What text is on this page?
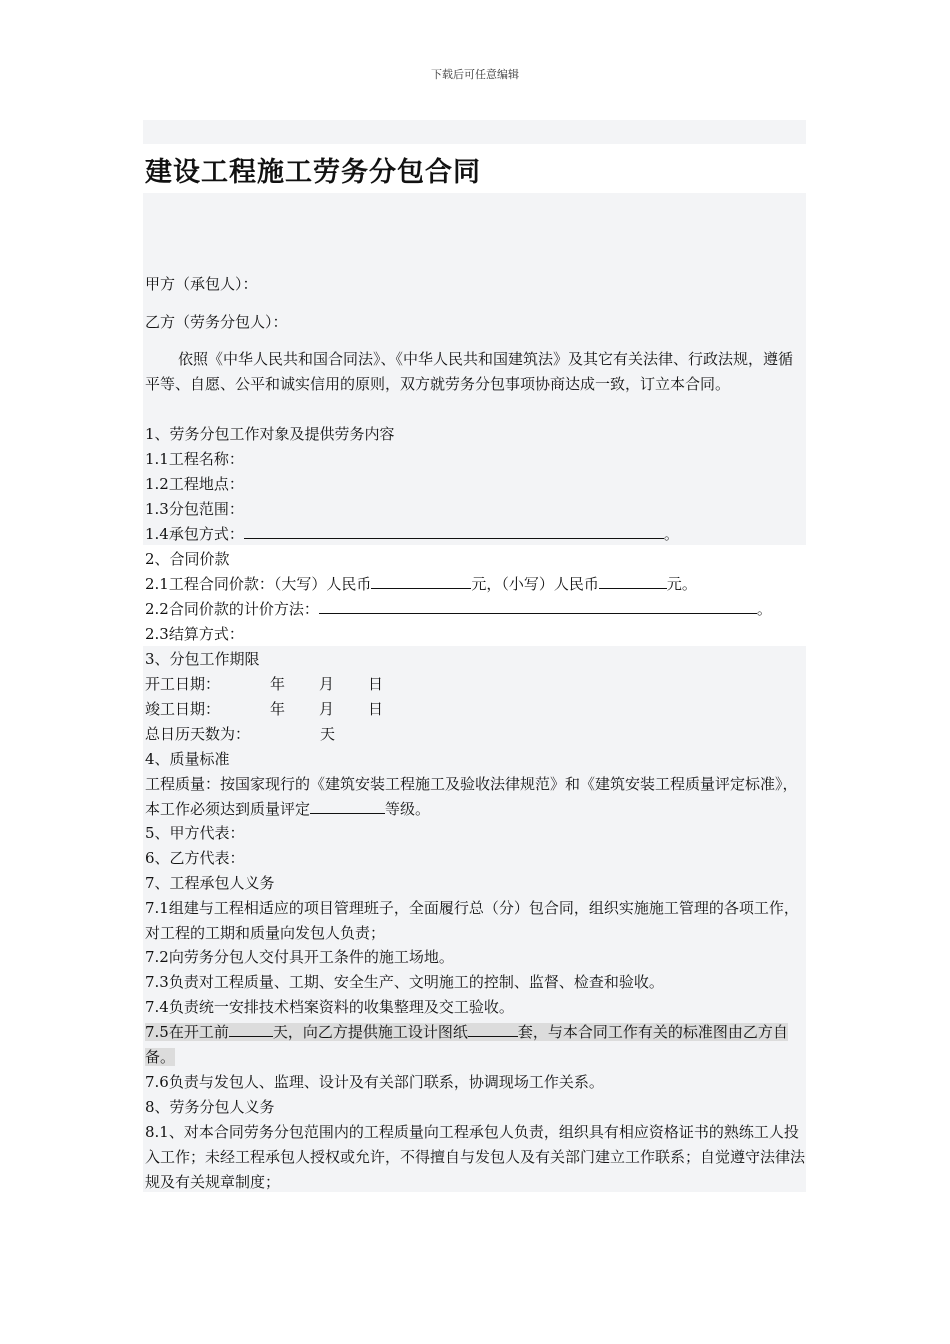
下载后可任意编辑
建设工程施工劳务分包合同
甲方（承包人）：
乙方（劳务分包人）：
依照《中华人民共和国合同法》、《中华人民共和国建筑法》及其它有关法律、行政法规，遵循平等、自愿、公平和诚实信用的原则，双方就劳务分包事项协商达成一致，订立本合同。
1、劳务分包工作对象及提供劳务内容
1.1工程名称：
1.2工程地点：
1.3分包范围：
1.4承包方式：	。
2、合同价款
2.1工程合同价款：（大写）人民币	元，（小写）人民币	元。
2.2合同价款的计价方法：	。
2.3结算方式：
3、分包工作期限
开工日期：	年 月 日
竣工日期：	年 月 日
总日历天数为：	天
4、质量标准
工程质量：按国家现行的《建筑安装工程施工及验收法律规范》和《建筑安装工程质量评定标准》，本工作必须达到质量评定	等级。
5、甲方代表：
6、乙方代表：
7、工程承包人义务
7.1组建与工程相适应的项目管理班子，全面履行总（分）包合同，组织实施施工管理的各项工作，对工程的工期和质量向发包人负责；
7.2向劳务分包人交付具开工条件的施工场地。
7.3负责对工程质量、工期、安全生产、文明施工的控制、监督、检查和验收。
7.4负责统一安排技术档案资料的收集整理及交工验收。
7.5在开工前	天，向乙方提供施工设计图纸	套，与本合同工作有关的标准图由乙方自备。
7.6负责与发包人、监理、设计及有关部门联系，协调现场工作关系。
8、劳务分包人义务
8.1、对本合同劳务分包范围内的工程质量向工程承包人负责，组织具有相应资格证书的熟练工人投入工作；未经工程承包人授权或允许，不得擅自与发包人及有关部门建立工作联系；自觉遵守法律法规及有关规章制度；
